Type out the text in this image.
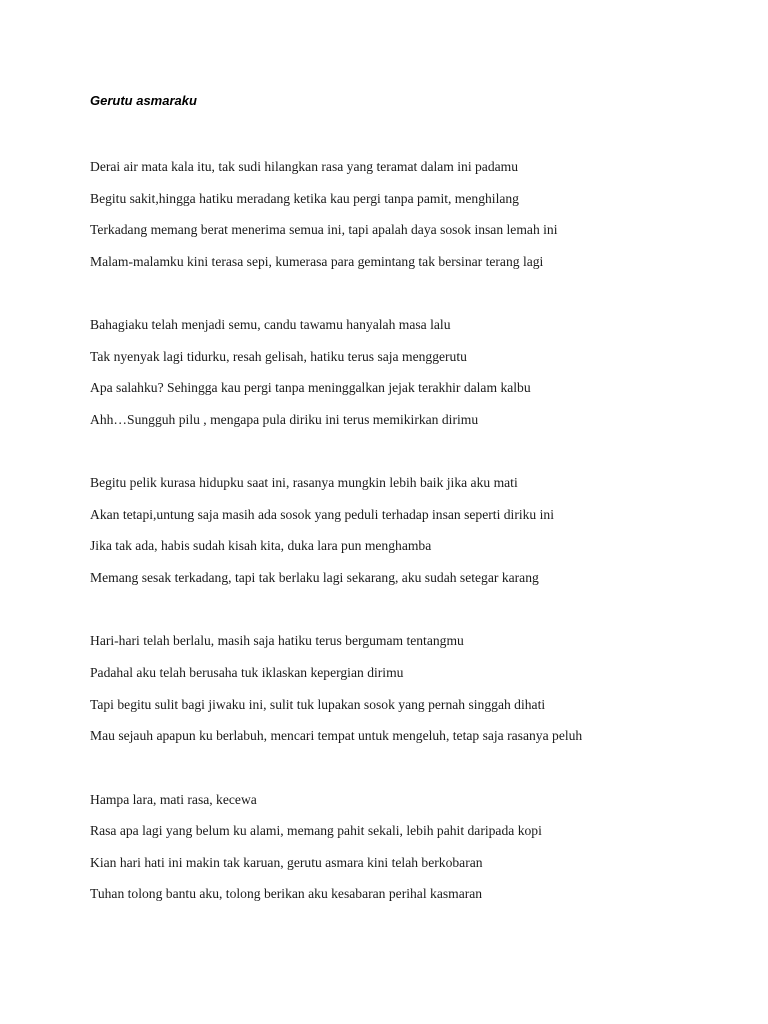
Gerutu asmaraku
Derai air mata kala itu, tak sudi hilangkan rasa yang teramat dalam ini padamu
Begitu sakit,hingga hatiku meradang ketika kau pergi tanpa pamit, menghilang
Terkadang memang berat menerima semua ini, tapi apalah daya sosok insan lemah ini
Malam-malamku kini terasa sepi, kumerasa para gemintang tak bersinar terang lagi
Bahagiaku telah menjadi semu, candu tawamu hanyalah masa lalu
Tak nyenyak lagi tidurku, resah gelisah, hatiku terus saja menggerutu
Apa salahku? Sehingga kau pergi tanpa meninggalkan jejak terakhir dalam kalbu
Ahh…Sungguh pilu , mengapa pula diriku ini terus memikirkan dirimu
Begitu pelik kurasa hidupku saat ini, rasanya mungkin lebih baik jika aku mati
Akan tetapi,untung saja masih ada sosok yang peduli terhadap insan seperti diriku ini
Jika tak ada, habis sudah kisah kita, duka lara pun menghamba
Memang sesak terkadang, tapi tak berlaku lagi sekarang, aku sudah setegar karang
Hari-hari telah berlalu, masih saja hatiku terus bergumam tentangmu
Padahal aku telah berusaha tuk iklaskan kepergian dirimu
Tapi begitu sulit bagi jiwaku ini, sulit tuk lupakan sosok yang pernah singgah dihati
Mau sejauh apapun ku berlabuh, mencari tempat untuk mengeluh, tetap saja rasanya peluh
Hampa lara, mati rasa, kecewa
Rasa apa lagi yang belum ku alami, memang pahit sekali, lebih pahit daripada kopi
Kian hari hati ini makin tak karuan, gerutu asmara kini telah berkobaran
Tuhan tolong bantu aku, tolong berikan aku kesabaran perihal kasmaran
